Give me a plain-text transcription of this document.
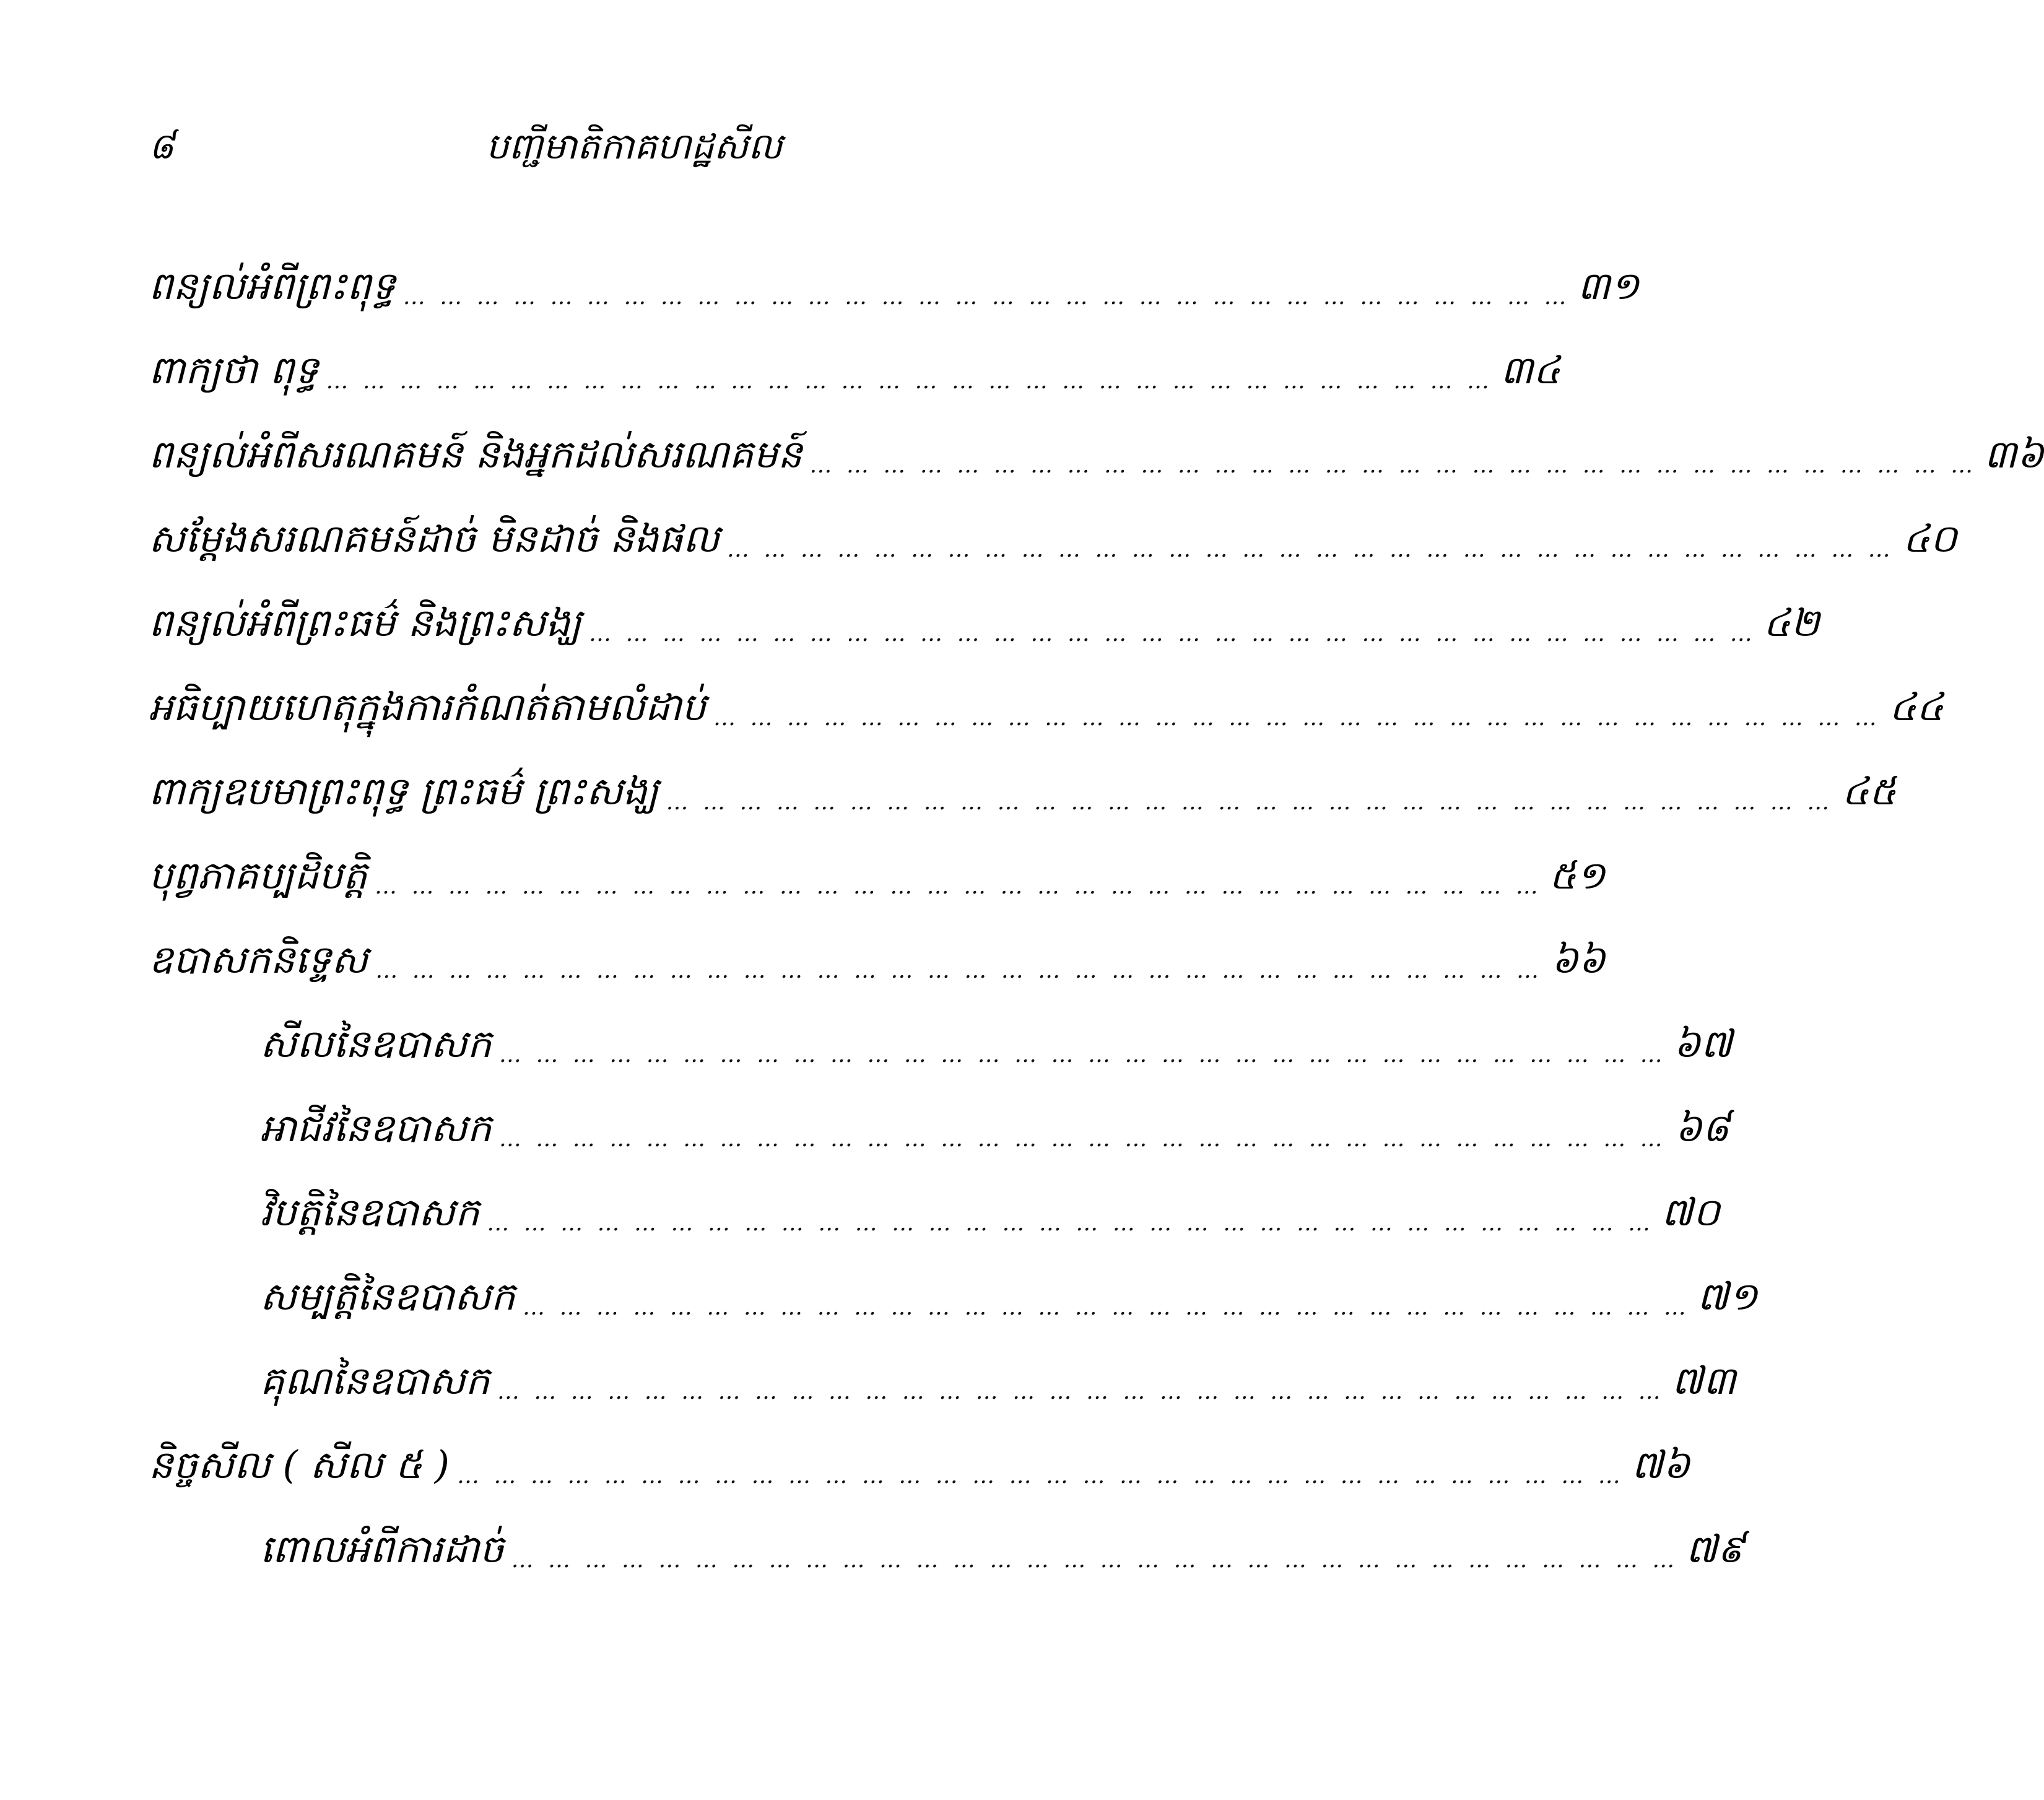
៨	បញ្ជីមាតិកាគហដ្ឋសីល
ពន្យល់អំពីព្រះពុទ្ធ … … … … … … … … … … … … … … … … … … … … … … … … … … … … … … … … ៣១
ពាក្យថា ពុទ្ធ … … … … … … … … … … … … … … … … … … … … … … … … … … … … … … … … ៣៤
ពន្យល់អំពីសរណគមន៍ និងអ្នកដល់សរណគមន៍ … … … … … … … … … … … … … … … … … … … … … … … … … … … … … … … … ៣៦
សម្តែងសរណគមន៍ដាច់ មិនដាច់ និងផល … … … … … … … … … … … … … … … … … … … … … … … … … … … … … … … … ៤០
ពន្យល់អំពីព្រះធម៌ និងព្រះសង្ឃ … … … … … … … … … … … … … … … … … … … … … … … … … … … … … … … … ៤២
អធិប្បាយហេតុក្នុងការកំណត់តាមលំដាប់ … … … … … … … … … … … … … … … … … … … … … … … … … … … … … … … … ៤៤
ពាក្យឧបមាព្រះពុទ្ធ ព្រះធម៌ ព្រះសង្ឃ … … … … … … … … … … … … … … … … … … … … … … … … … … … … … … … … ៤៥
បុព្វភាគប្បដិបត្តិ … … … … … … … … … … … … … … … … … … … … … … … … … … … … … … … … ៥១
ឧបាសកនិទ្ទេស … … … … … … … … … … … … … … … … … … … … … … … … … … … … … … … … ៦៦
សីលនៃឧបាសក … … … … … … … … … … … … … … … … … … … … … … … … … … … … … … … … ៦៧
អាជីវនៃឧបាសក … … … … … … … … … … … … … … … … … … … … … … … … … … … … … … … … ៦៨
វិបត្តិនៃឧបាសក … … … … … … … … … … … … … … … … … … … … … … … … … … … … … … … … ៧០
សម្បត្តិនៃឧបាសក … … … … … … … … … … … … … … … … … … … … … … … … … … … … … … … … ៧១
គុណនៃឧបាសក … … … … … … … … … … … … … … … … … … … … … … … … … … … … … … … … ៧៣
និច្ចសីល ( សីល ៥ ) … … … … … … … … … … … … … … … … … … … … … … … … … … … … … … … … ៧៦
ពោលអំពីការដាច់ … … … … … … … … … … … … … … … … … … … … … … … … … … … … … … … … ៧៩
